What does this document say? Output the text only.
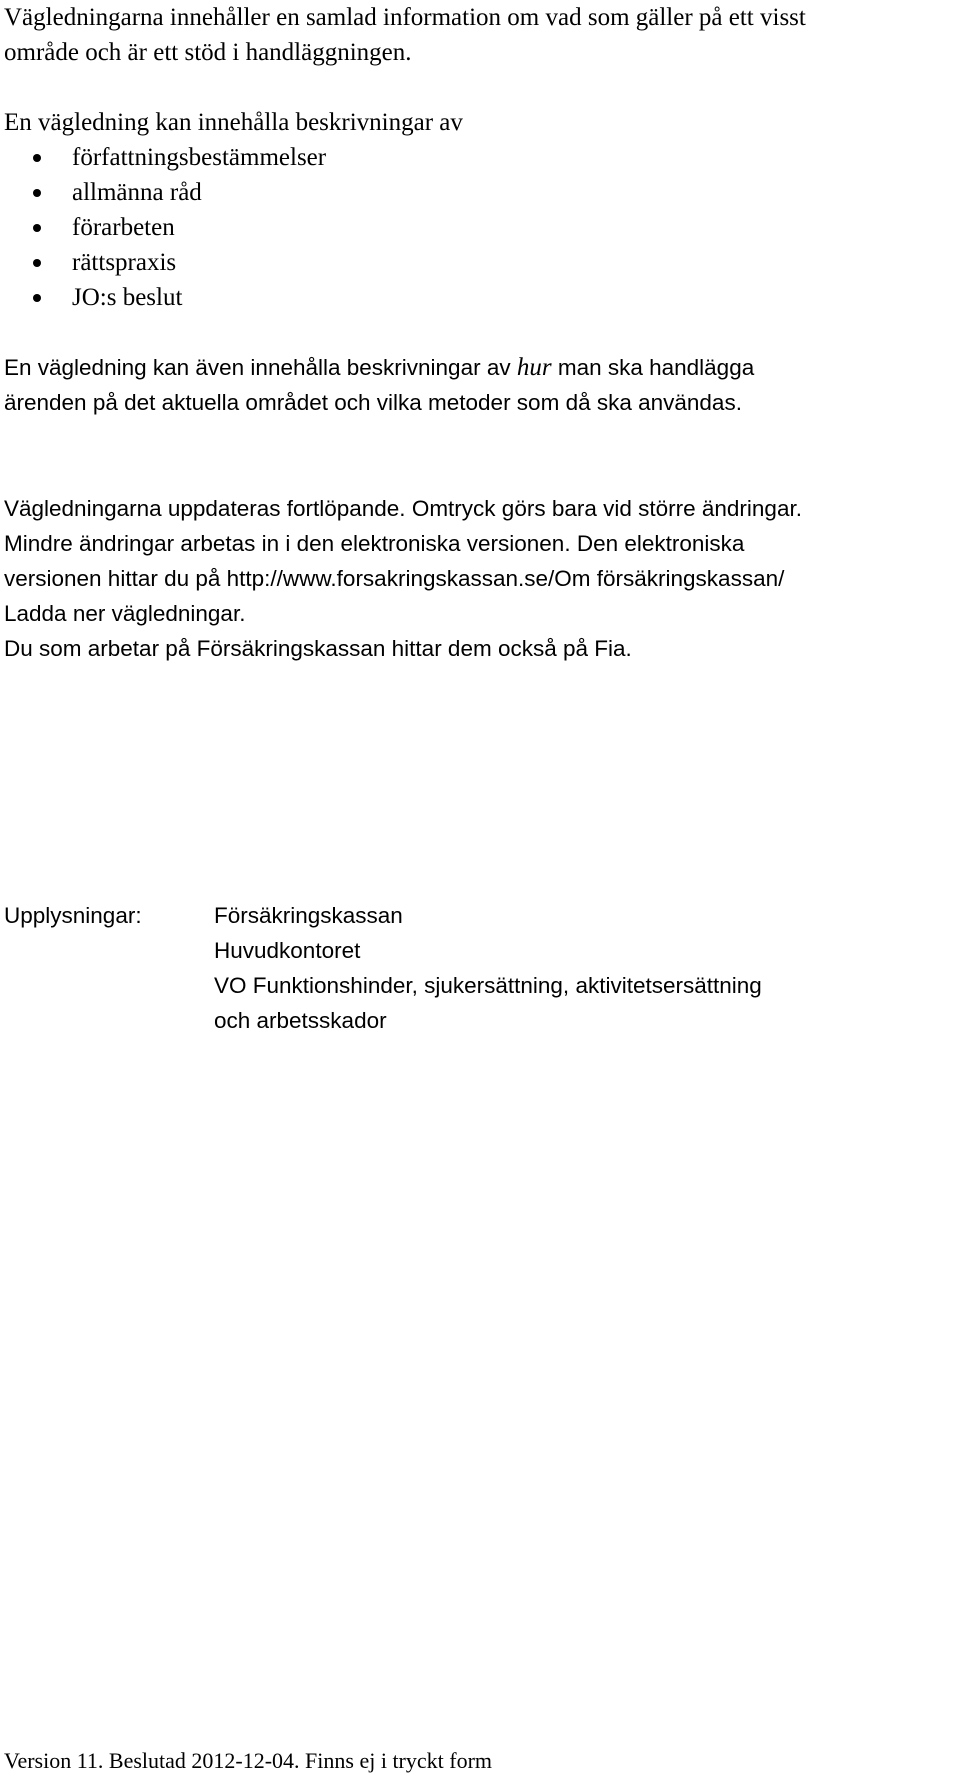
Vägledningarna innehåller en samlad information om vad som gäller på ett visst
område och är ett stöd i handläggningen.

En vägledning kan innehålla beskrivningar av

författningsbestämmelser
allmänna råd
förarbeten
rättspraxis
JO:s beslut

En vägledning kan även innehålla beskrivningar av hur man ska handlägga
ärenden på det aktuella området och vilka metoder som då ska användas.

Vägledningarna uppdateras fortlöpande. Omtryck görs bara vid större ändringar.
Mindre ändringar arbetas in i den elektroniska versionen. Den elektroniska
versionen hittar du på http://www.forsakringskassan.se/Om försäkringskassan/
Ladda ner vägledningar.
Du som arbetar på Försäkringskassan hittar dem också på Fia.

Upplysningar:	Försäkringskassan
Huvudkontoret
VO Funktionshinder, sjukersättning, aktivitetsersättning
och arbetsskador
Version 11. Beslutad 2012-12-04. Finns ej i tryckt form
